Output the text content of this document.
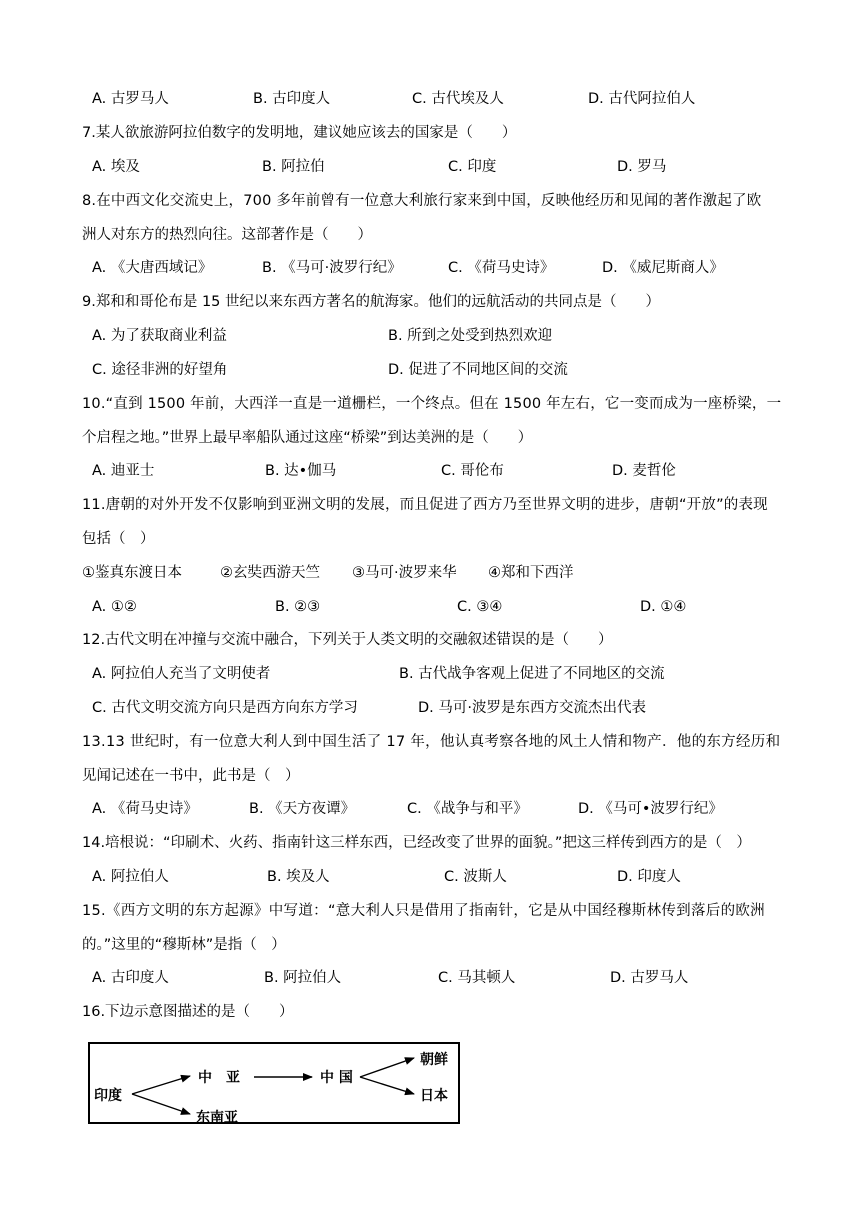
A. 古罗马人	B. 古印度人	C. 古代埃及人	D. 古代阿拉伯人
7.某人欲旅游阿拉伯数字的发明地，建议她应该去的国家是（　　）
A. 埃及	B. 阿拉伯	C. 印度	D. 罗马
8.在中西文化交流史上，700 多年前曾有一位意大利旅行家来到中国，反映他经历和见闻的著作激起了欧
洲人对东方的热烈向往。这部著作是（　　）
A. 《大唐西域记》	B. 《马可·波罗行纪》	C. 《荷马史诗》	D. 《威尼斯商人》
9.郑和和哥伦布是 15 世纪以来东西方著名的航海家。他们的远航活动的共同点是（　　）
A. 为了获取商业利益	B. 所到之处受到热烈欢迎
C. 途径非洲的好望角	D. 促进了不同地区间的交流
10.“直到 1500 年前，大西洋一直是一道栅栏，一个终点。但在 1500 年左右，它一变而成为一座桥梁，一
个启程之地。”世界上最早率船队通过这座“桥梁”到达美洲的是（　　）
A. 迪亚士	B. 达•伽马	C. 哥伦布	D. 麦哲伦
11.唐朝的对外开发不仅影响到亚洲文明的发展，而且促进了西方乃至世界文明的进步，唐朝“开放”的表现
包括（　）
①鉴真东渡日本	②玄奘西游天竺 ③马可·波罗来华 ④郑和下西洋
A. ①②	B. ②③	C. ③④	D. ①④
12.古代文明在冲撞与交流中融合，下列关于人类文明的交融叙述错误的是（　　）
A. 阿拉伯人充当了文明使者	B. 古代战争客观上促进了不同地区的交流
C. 古代文明交流方向只是西方向东方学习	D. 马可·波罗是东西方交流杰出代表
13.13 世纪时，有一位意大利人到中国生活了 17 年，他认真考察各地的风土人情和物产．他的东方经历和
见闻记述在一书中，此书是（　）
A. 《荷马史诗》	B. 《天方夜谭》	C. 《战争与和平》	D. 《马可•波罗行纪》
14.培根说：“印刷术、火药、指南针这三样东西，已经改变了世界的面貌。”把这三样传到西方的是（　）
A. 阿拉伯人	B. 埃及人	C. 波斯人	D. 印度人
15.《西方文明的东方起源》中写道：“意大利人只是借用了指南针，它是从中国经穆斯林传到落后的欧洲
的。”这里的“穆斯林”是指（　）
A. 古印度人	B. 阿拉伯人	C. 马其顿人	D. 古罗马人
16.下边示意图描述的是（　　）
印度
中　亚
东南亚
中 国
朝鲜
日本
